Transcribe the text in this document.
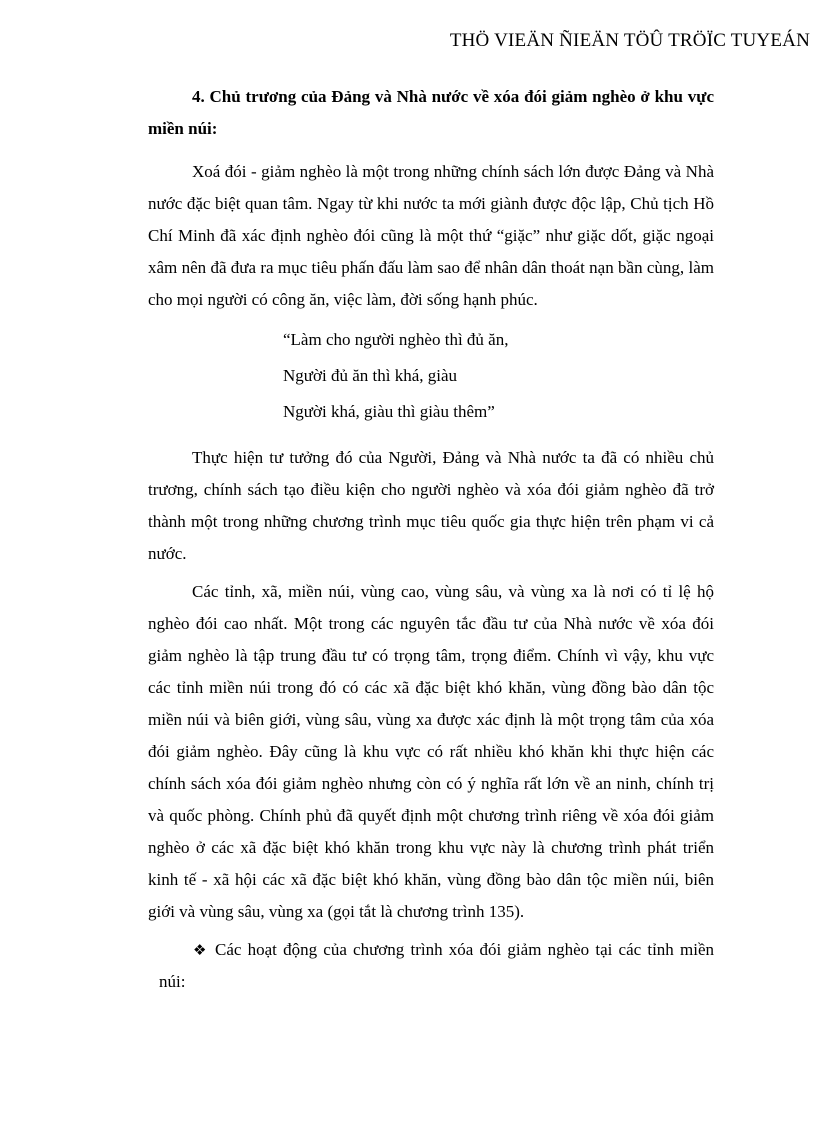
THÖ VIEÄN ÑIEÄN TÖÛ TRÖÏC TUYEÁN

4. Chủ trương của Đảng và Nhà nước về xóa đói giảm nghèo ở khu vực miền núi:

Xoá đói - giảm nghèo là một trong những chính sách lớn được Đảng và Nhà nước đặc biệt quan tâm. Ngay từ khi nước ta mới giành được độc lập, Chủ tịch Hồ Chí Minh đã xác định nghèo đói cũng là một thứ “giặc” như giặc dốt, giặc ngoại xâm nên đã đưa ra mục tiêu phấn đấu làm sao để nhân dân thoát nạn bần cùng, làm cho mọi người có công ăn, việc làm, đời sống hạnh phúc.

“Làm cho người nghèo thì đủ ăn,
Người đủ ăn thì khá, giàu
Người khá, giàu thì giàu thêm”

Thực hiện tư tưởng đó của Người, Đảng và Nhà nước ta đã có nhiều chủ trương, chính sách tạo điều kiện cho người nghèo và xóa đói giảm nghèo đã trở thành một trong những chương trình mục tiêu quốc gia thực hiện trên phạm vi cả nước.

Các tỉnh, xã, miền núi, vùng cao, vùng sâu, và vùng xa là nơi có tỉ lệ hộ nghèo đói cao nhất. Một trong các nguyên tắc đầu tư của Nhà nước về xóa đói giảm nghèo là tập trung đầu tư có trọng tâm, trọng điểm. Chính vì vậy, khu vực các tỉnh miền núi trong đó có các xã đặc biệt khó khăn, vùng đồng bào dân tộc miền núi và biên giới, vùng sâu, vùng xa được xác định là một trọng tâm của xóa đói giảm nghèo. Đây cũng là khu vực có rất nhiều khó khăn khi thực hiện các chính sách xóa đói giảm nghèo nhưng còn có ý nghĩa rất lớn về an ninh, chính trị và quốc phòng. Chính phủ đã quyết định một chương trình riêng về xóa đói giảm nghèo ở các xã đặc biệt khó khăn trong khu vực này là chương trình phát triển kinh tế - xã hội các xã đặc biệt khó khăn, vùng đồng bào dân tộc miền núi, biên giới và vùng sâu, vùng xa (gọi tắt là chương trình 135).

❖ Các hoạt động của chương trình xóa đói giảm nghèo tại các tỉnh miền núi:
